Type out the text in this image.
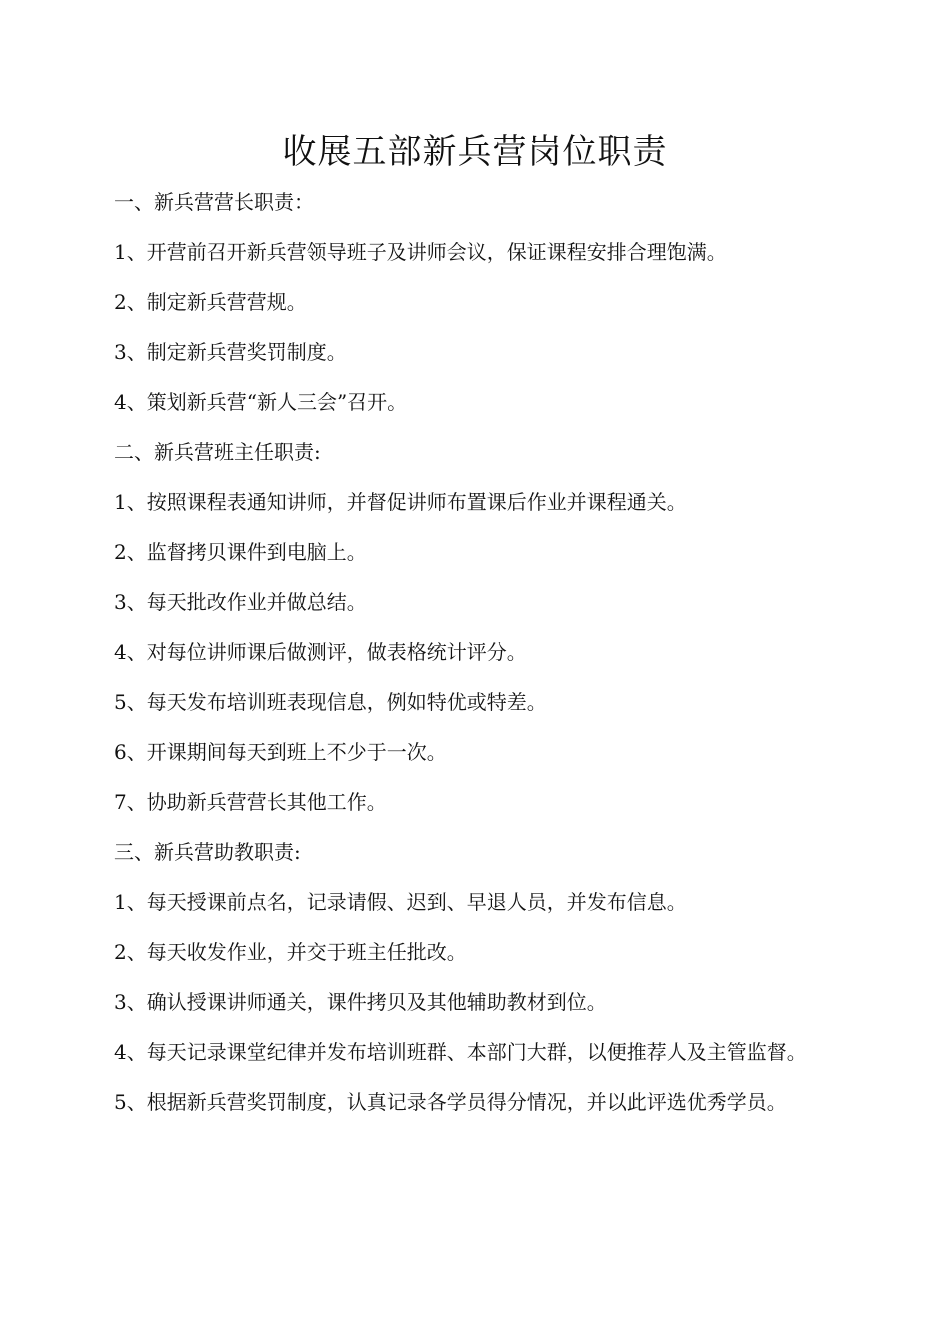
收展五部新兵营岗位职责
一、新兵营营长职责：
1、开营前召开新兵营领导班子及讲师会议，保证课程安排合理饱满。
2、制定新兵营营规。
3、制定新兵营奖罚制度。
4、策划新兵营“新人三会”召开。
二、新兵营班主任职责:
1、按照课程表通知讲师，并督促讲师布置课后作业并课程通关。
2、监督拷贝课件到电脑上。
3、每天批改作业并做总结。
4、对每位讲师课后做测评，做表格统计评分。
5、每天发布培训班表现信息，例如特优或特差。
6、开课期间每天到班上不少于一次。
7、协助新兵营营长其他工作。
三、新兵营助教职责:
1、每天授课前点名，记录请假、迟到、早退人员，并发布信息。
2、每天收发作业，并交于班主任批改。
3、确认授课讲师通关，课件拷贝及其他辅助教材到位。
4、每天记录课堂纪律并发布培训班群、本部门大群，以便推荐人及主管监督。
5、根据新兵营奖罚制度，认真记录各学员得分情况，并以此评选优秀学员。
